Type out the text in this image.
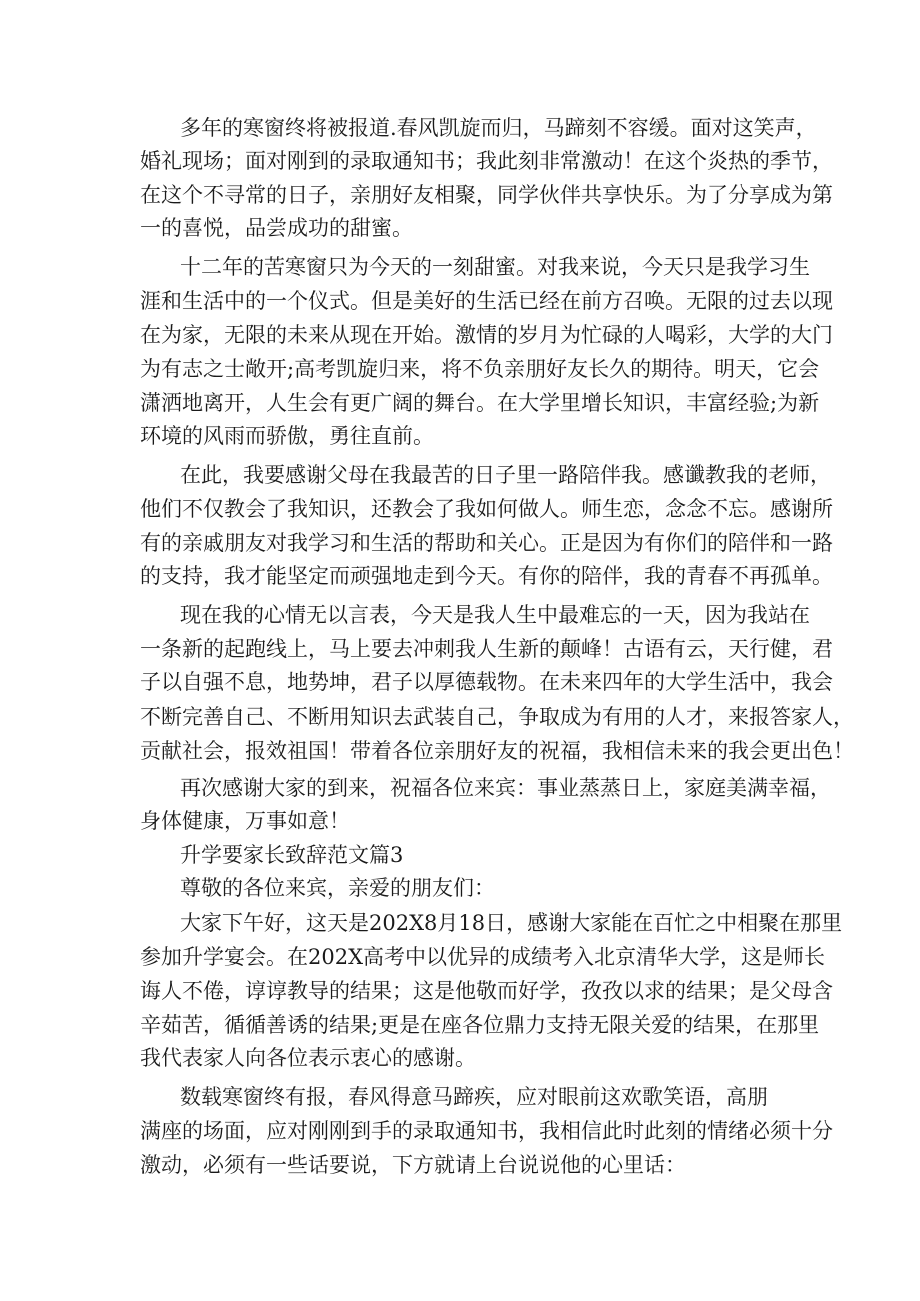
多年的寒窗终将被报道.春风凯旋而归，马蹄刻不容缓。面对这笑声，

婚礼现场；面对刚到的录取通知书；我此刻非常激动！在这个炎热的季节，

在这个不寻常的日子，亲朋好友相聚，同学伙伴共享快乐。为了分享成为第

一的喜悦，品尝成功的甜蜜。

十二年的苦寒窗只为今天的一刻甜蜜。对我来说，今天只是我学习生

涯和生活中的一个仪式。但是美好的生活已经在前方召唤。无限的过去以现

在为家，无限的未来从现在开始。激情的岁月为忙碌的人喝彩，大学的大门

为有志之士敞开;高考凯旋归来，将不负亲朋好友长久的期待。明天，它会

潇洒地离开，人生会有更广阔的舞台。在大学里增长知识，丰富经验;为新

环境的风雨而骄傲，勇往直前。

在此，我要感谢父母在我最苦的日子里一路陪伴我。感谶教我的老师，

他们不仅教会了我知识，还教会了我如何做人。师生恋，念念不忘。感谢所

有的亲戚朋友对我学习和生活的帮助和关心。正是因为有你们的陪伴和一路

的支持，我才能坚定而顽强地走到今天。有你的陪伴，我的青春不再孤单。

现在我的心情无以言表，今天是我人生中最难忘的一天，因为我站在

一条新的起跑线上，马上要去冲刺我人生新的颠峰！古语有云，天行健，君

子以自强不息，地势坤，君子以厚德载物。在未来四年的大学生活中，我会

不断完善自己、不断用知识去武装自己，争取成为有用的人才，来报答家人，

贡献社会，报效祖国！带着各位亲朋好友的祝福，我相信未来的我会更出色！

再次感谢大家的到来，祝福各位来宾：事业蒸蒸日上，家庭美满幸福，

身体健康，万事如意！

升学要家长致辞范文篇3

尊敬的各位来宾，亲爱的朋友们：

大家下午好，这天是202X8月18日，感谢大家能在百忙之中相聚在那里

参加升学宴会。在202X高考中以优异的成绩考入北京清华大学，这是师长

诲人不倦，谆谆教导的结果；这是他敬而好学，孜孜以求的结果；是父母含

辛茹苦，循循善诱的结果;更是在座各位鼎力支持无限关爱的结果，在那里

我代表家人向各位表示衷心的感谢。

数载寒窗终有报，春风得意马蹄疾，应对眼前这欢歌笑语，高朋

满座的场面，应对刚刚到手的录取通知书，我相信此时此刻的情绪必须十分

激动，必须有一些话要说，下方就请上台说说他的心里话：
